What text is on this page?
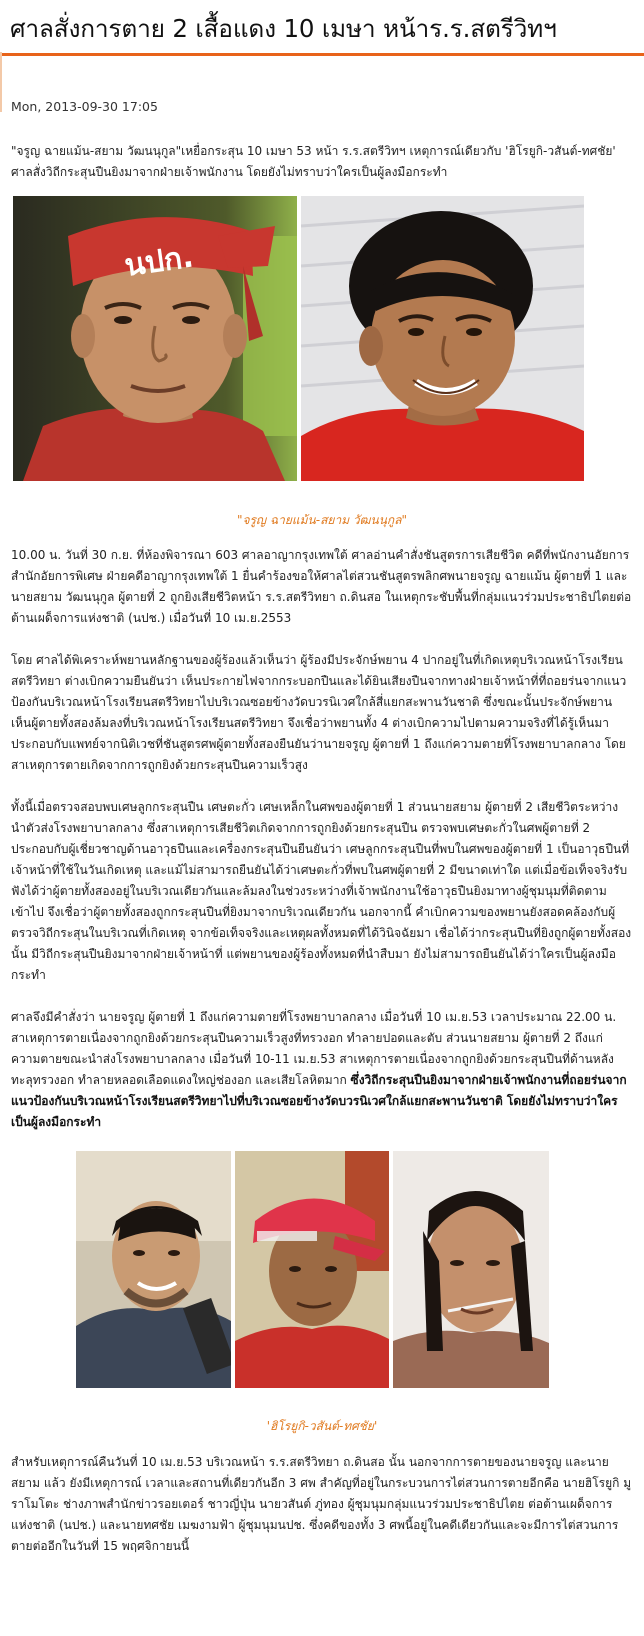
ศาลสั่งการตาย 2 เสื้อแดง 10 เมษา หน้าร.ร.สตรีวิทฯ
Mon, 2013-09-30 17:05

"จรูญ ฉายแม้น-สยาม วัฒนนุกูล"เหยื่อกระสุน 10 เมษา 53 หน้า ร.ร.สตรีวิทฯ เหตุการณ์เดียวกับ 'ฮิโรยูกิ-วสันต์-ทศชัย' ศาลสั่งวิถีกระสุนปืนยิงมาจากฝ่ายเจ้าพนักงาน โดยยังไม่ทราบว่าใครเป็นผู้ลงมือกระทำ

นปก.
"จรูญ ฉายแม้น-สยาม วัฒนนุกูล"

10.00 น. วันที่ 30 ก.ย. ที่ห้องพิจารณา 603 ศาลอาญากรุงเทพใต้ ศาลอ่านคำสั่งชันสูตรการเสียชีวิต คดีที่พนักงานอัยการสำนักอัยการพิเศษ ฝ่ายคดีอาญากรุงเทพใต้ 1 ยื่นคำร้องขอให้ศาลไต่สวนชันสูตรพลิกศพนายจรูญ ฉายแม้น ผู้ตายที่ 1 และนายสยาม วัฒนนุกูล ผู้ตายที่ 2 ถูกยิงเสียชีวิตหน้า ร.ร.สตรีวิทยา ถ.ดินสอ ในเหตุกระชับพื้นที่กลุ่มแนวร่วมประชาธิปไตยต่อต้านเผด็จการแห่งชาติ (นปช.) เมื่อวันที่ 10 เม.ย.2553

โดย ศาลได้พิเคราะห์พยานหลักฐานของผู้ร้องแล้วเห็นว่า ผู้ร้องมีประจักษ์พยาน 4 ปากอยู่ในที่เกิดเหตุบริเวณหน้าโรงเรียนสตรีวิทยา ต่างเบิกความยืนยันว่า เห็นประกายไฟจากกระบอกปืนและได้ยินเสียงปืนจากทางฝ่ายเจ้าหน้าที่ที่ถอยร่นจากแนวป้องกันบริเวณหน้าโรงเรียนสตรีวิทยาไปบริเวณซอยข้างวัดบวรนิเวศใกล้สี่แยกสะพานวันชาติ ซึ่งขณะนั้นประจักษ์พยานเห็นผู้ตายทั้งสองล้มลงที่บริเวณหน้าโรงเรียนสตรีวิทยา จึงเชื่อว่าพยานทั้ง 4 ต่างเบิกความไปตามความจริงที่ได้รู้เห็นมา ประกอบกับแพทย์จากนิติเวชที่ชันสูตรศพผู้ตายทั้งสองยืนยันว่านายจรูญ ผู้ตายที่ 1 ถึงแก่ความตายที่โรงพยาบาลกลาง โดยสาเหตุการตายเกิดจากการถูกยิงด้วยกระสุนปืนความเร็วสูง

ทั้งนี้เมื่อตรวจสอบพบเศษลูกกระสุนปืน เศษตะกั่ว เศษเหล็กในศพของผู้ตายที่ 1 ส่วนนายสยาม ผู้ตายที่ 2 เสียชีวิตระหว่างนำตัวส่งโรงพยาบาลกลาง ซึ่งสาเหตุการเสียชีวิตเกิดจากการถูกยิงด้วยกระสุนปืน ตรวจพบเศษตะกั่วในศพผู้ตายที่ 2 ประกอบกับผู้เชี่ยวชาญด้านอาวุธปืนและเครื่องกระสุนปืนยืนยันว่า เศษลูกกระสุนปืนที่พบในศพของผู้ตายที่ 1 เป็นอาวุธปืนที่เจ้าหน้าที่ใช้ในวันเกิดเหตุ และแม้ไม่สามารถยืนยันได้ว่าเศษตะกั่วที่พบในศพผู้ตายที่ 2 มีขนาดเท่าใด แต่เมื่อข้อเท็จจริงรับฟังได้ว่าผู้ตายทั้งสองอยู่ในบริเวณเดียวกันและล้มลงในช่วงระหว่างที่เจ้าพนักงานใช้อาวุธปืนยิงมาทางผู้ชุมนุมที่ติดตามเข้าไป จึงเชื่อว่าผู้ตายทั้งสองถูกกระสุนปืนที่ยิงมาจากบริเวณเดียวกัน นอกจากนี้ คำเบิกความของพยานยังสอดคล้องกับผู้ตรวจวิถีกระสุนในบริเวณที่เกิดเหตุ จากข้อเท็จจริงและเหตุผลทั้งหมดที่ได้วินิจฉัยมา เชื่อได้ว่ากระสุนปืนที่ยิงถูกผู้ตายทั้งสองนั้น มีวิถีกระสุนปืนยิงมาจากฝ่ายเจ้าหน้าที่ แต่พยานของผู้ร้องทั้งหมดที่นำสืบมา ยังไม่สามารถยืนยันได้ว่าใครเป็นผู้ลงมือกระทำ

ศาลจึงมีคำสั่งว่า นายจรูญ ผู้ตายที่ 1 ถึงแก่ความตายที่โรงพยาบาลกลาง เมื่อวันที่ 10 เม.ย.53 เวลาประมาณ 22.00 น. สาเหตุการตายเนื่องจากถูกยิงด้วยกระสุนปืนความเร็วสูงที่ทรวงอก ทำลายปอดและตับ ส่วนนายสยาม ผู้ตายที่ 2 ถึงแก่ความตายขณะนำส่งโรงพยาบาลกลาง เมื่อวันที่ 10-11 เม.ย.53 สาเหตุการตายเนื่องจากถูกยิงด้วยกระสุนปืนที่ด้านหลังทะลุทรวงอก ทำลายหลอดเลือดแดงใหญ่ช่องอก และเสียโลหิตมาก ซึ่งวิถีกระสุนปืนยิงมาจากฝ่ายเจ้าพนักงานที่ถอยร่นจากแนวป้องกันบริเวณหน้าโรงเรียนสตรีวิทยาไปที่บริเวณซอยข้างวัดบวรนิเวศใกล้แยกสะพานวันชาติ โดยยังไม่ทราบว่าใครเป็นผู้ลงมือกระทำ

'ฮิโรยูกิ-วสันต์-ทศชัย'

สำหรับเหตุการณ์คืนวันที่ 10 เม.ย.53 บริเวณหน้า ร.ร.สตรีวิทยา ถ.ดินสอ นั้น นอกจากการตายของนายจรูญ และนายสยาม แล้ว ยังมีเหตุการณ์ เวลาและสถานที่เดียวกันอีก 3 ศพ สำคัญที่อยู่ในกระบวนการไต่สวนการตายอีกคือ นายฮิโรยูกิ มูราโมโตะ ช่างภาพสำนักข่าวรอยเตอร์ ชาวญี่ปุ่น นายวสันต์ ภู่ทอง ผู้ชุมนุมกลุ่มแนวร่วมประชาธิปไตย ต่อต้านเผด็จการแห่งชาติ (นปช.) และนายทศชัย เมฆงามฟ้า ผู้ชุมนุมนปช. ซึ่งคดีของทั้ง 3 ศพนี้อยู่ในคดีเดียวกันและจะมีการไต่สวนการตายต่ออีกในวันที่ 15 พฤศจิกายนนี้
